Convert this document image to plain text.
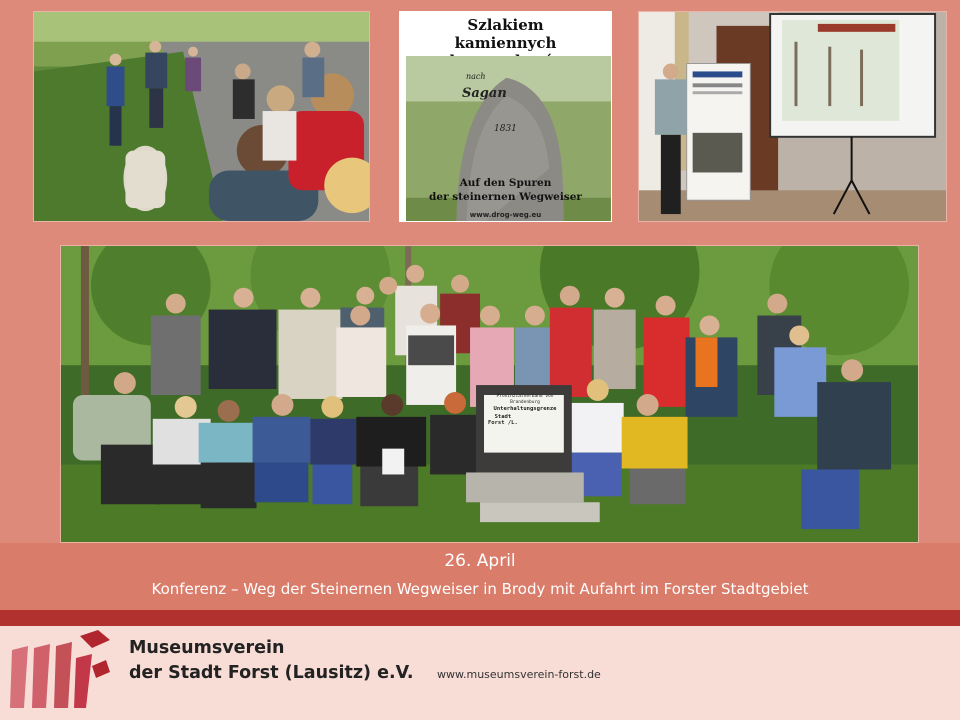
Szlakiem
kamiennych
nach
Sagan
1831
Auf den Spuren
der steinernen Wegweiser
www.drog-weg.eu
Provinzialverband von Brandenburg
Unterhaltungsgrenze
Stadt
Forst /L.
26. April
Konferenz – Weg der Steinernen Wegweiser in Brody mit Aufahrt im Forster Stadtgebiet
Museumsverein
der Stadt Forst (Lausitz) e.V. www.museumsverein-forst.de
